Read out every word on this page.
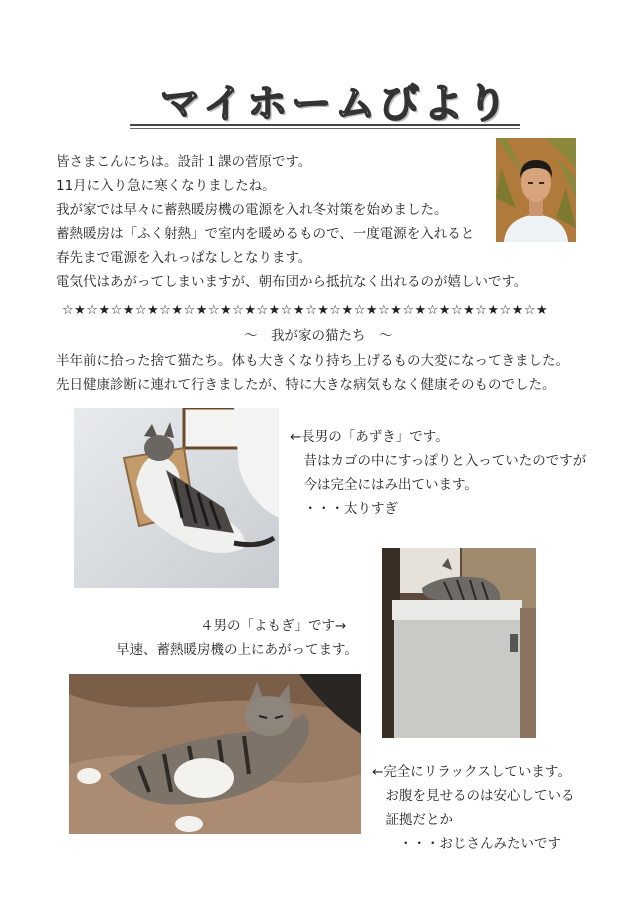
マイホームびより
皆さまこんにちは。設計１課の菅原です。
11月に入り急に寒くなりましたね。
我が家では早々に蓄熱暖房機の電源を入れ冬対策を始めました。
蓄熱暖房は「ふく射熱」で室内を暖めるもので、一度電源を入れると
春先まで電源を入れっぱなしとなります。
電気代はあがってしまいますが、朝布団から抵抗なく出れるのが嬉しいです。
☆★☆★☆★☆★☆★☆★☆★☆★☆★☆★☆★☆★☆★☆★☆★☆★☆★☆★☆★☆★
～　我が家の猫たち　～
半年前に拾った捨て猫たち。体も大きくなり持ち上げるもの大変になってきました。
先日健康診断に連れて行きましたが、特に大きな病気もなく健康そのものでした。
←長男の「あずき」です。
　昔はカゴの中にすっぽりと入っていたのですが
　今は完全にはみ出ています。
　・・・太りすぎ
４男の「よもぎ」です→
早速、蓄熱暖房機の上にあがってます。
←完全にリラックスしています。
　お腹を見せるのは安心している
　証拠だとか
　　・・・おじさんみたいです
